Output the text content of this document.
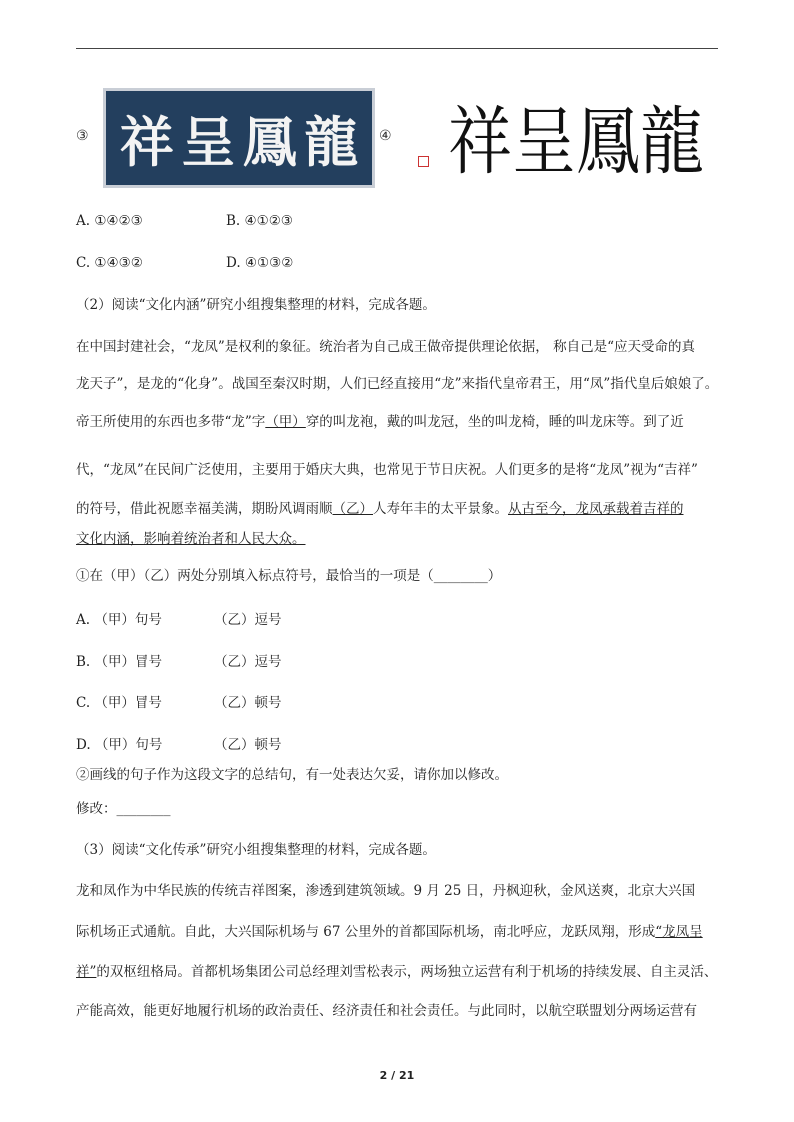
③ 祥 呈 鳳 龍 ④ 祥 呈 鳳 龍
A. ①④②③	B. ④①②③
C. ①④③②	D. ④①③②
（2）阅读“文化内涵”研究小组搜集整理的材料，完成各题。
在中国封建社会，“龙凤”是权利的象征。统治者为自己成王做帝提供理论依据， 称自己是“应天受命的真
龙天子”，是龙的“化身”。战国至秦汉时期，人们已经直接用“龙”来指代皇帝君王，用“凤”指代皇后娘娘了。
帝王所使用的东西也多带“龙”字（甲）穿的叫龙袍，戴的叫龙冠，坐的叫龙椅，睡的叫龙床等。到了近
代，“龙凤”在民间广泛使用，主要用于婚庆大典，也常见于节日庆祝。人们更多的是将“龙凤”视为“吉祥”
的符号，借此祝愿幸福美满，期盼风调雨顺（乙）人寿年丰的太平景象。从古至今，龙凤承载着吉祥的
文化内涵，影响着统治者和人民大众。
①在（甲）（乙）两处分别填入标点符号，最恰当的一项是（________）
A. （甲）句号	（乙）逗号
B. （甲）冒号	（乙）逗号
C. （甲）冒号	（乙）顿号
D. （甲）句号	（乙）顿号
②画线的句子作为这段文字的总结句，有一处表达欠妥，请你加以修改。
修改：________
（3）阅读“文化传承”研究小组搜集整理的材料，完成各题。
龙和凤作为中华民族的传统吉祥图案，渗透到建筑领域。9 月 25 日，丹枫迎秋，金风送爽，北京大兴国
际机场正式通航。自此，大兴国际机场与 67 公里外的首都国际机场，南北呼应，龙跃凤翔，形成“龙凤呈
祥”的双枢纽格局。首都机场集团公司总经理刘雪松表示，两场独立运营有利于机场的持续发展、自主灵活、
产能高效，能更好地履行机场的政治责任、经济责任和社会责任。与此同时，以航空联盟划分两场运营有
2 / 21
